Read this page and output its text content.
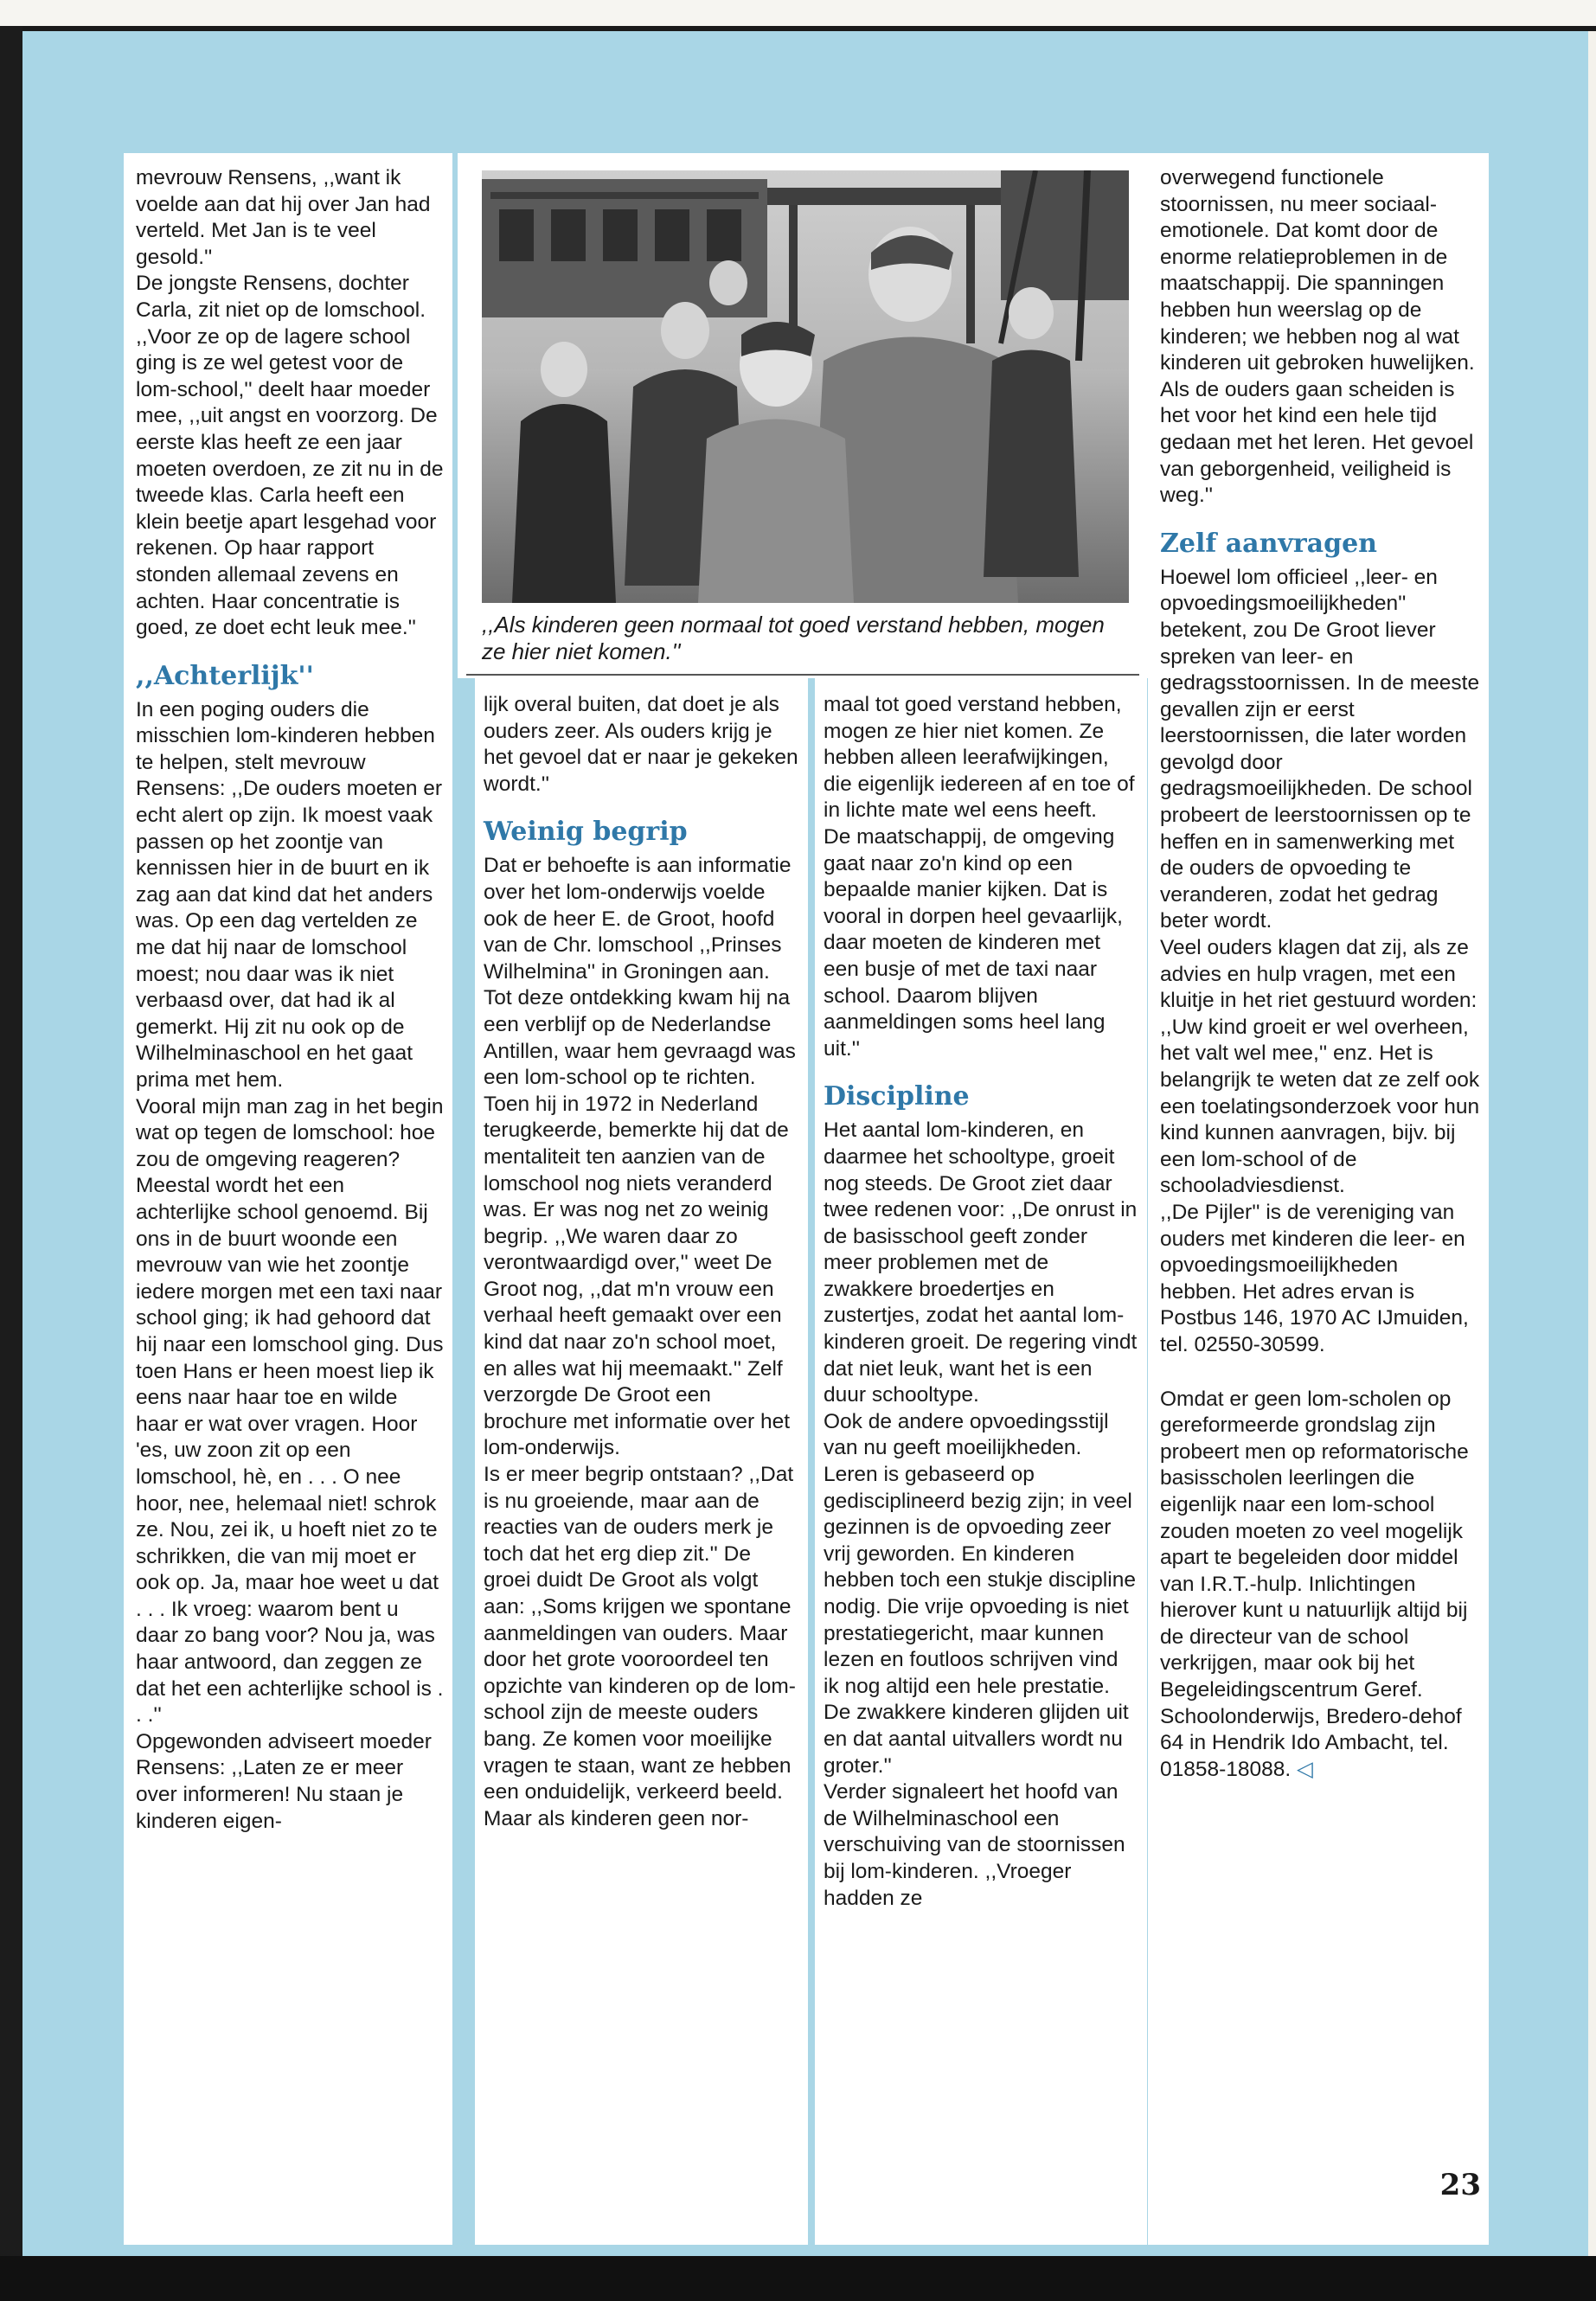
mevrouw Rensens, ,,want ik voelde aan dat hij over Jan had verteld. Met Jan is te veel gesold.''

De jongste Rensens, dochter Carla, zit niet op de lomschool. ,,Voor ze op de lagere school ging is ze wel getest voor de lom-school,'' deelt haar moeder mee, ,,uit angst en voorzorg. De eerste klas heeft ze een jaar moeten overdoen, ze zit nu in de tweede klas. Carla heeft een klein beetje apart lesgehad voor rekenen. Op haar rapport stonden allemaal zevens en achten. Haar concentratie is goed, ze doet echt leuk mee.''

,,Achterlijk''

In een poging ouders die misschien lom-kinderen hebben te helpen, stelt mevrouw Rensens: ,,De ouders moeten er echt alert op zijn. Ik moest vaak passen op het zoontje van kennissen hier in de buurt en ik zag aan dat kind dat het anders was. Op een dag vertelden ze me dat hij naar de lomschool moest; nou daar was ik niet verbaasd over, dat had ik al gemerkt. Hij zit nu ook op de Wilhelminaschool en het gaat prima met hem.

Vooral mijn man zag in het begin wat op tegen de lomschool: hoe zou de omgeving reageren? Meestal wordt het een achterlijke school genoemd. Bij ons in de buurt woonde een mevrouw van wie het zoontje iedere morgen met een taxi naar school ging; ik had gehoord dat hij naar een lomschool ging. Dus toen Hans er heen moest liep ik eens naar haar toe en wilde haar er wat over vragen. Hoor 'es, uw zoon zit op een lomschool, hè, en . . . O nee hoor, nee, helemaal niet! schrok ze. Nou, zei ik, u hoeft niet zo te schrikken, die van mij moet er ook op. Ja, maar hoe weet u dat . . . Ik vroeg: waarom bent u daar zo bang voor? Nou ja, was haar antwoord, dan zeggen ze dat het een achterlijke school is . . .''

Opgewonden adviseert moeder Rensens: ,,Laten ze er meer over informeren! Nu staan je kinderen eigen-

,,Als kinderen geen normaal tot goed verstand hebben, mogen ze hier niet komen.''

lijk overal buiten, dat doet je als ouders zeer. Als ouders krijg je het gevoel dat er naar je gekeken wordt.''

Weinig begrip

Dat er behoefte is aan informatie over het lom-onderwijs voelde ook de heer E. de Groot, hoofd van de Chr. lomschool ,,Prinses Wilhelmina'' in Groningen aan. Tot deze ontdekking kwam hij na een verblijf op de Nederlandse Antillen, waar hem gevraagd was een lom-school op te richten. Toen hij in 1972 in Nederland terugkeerde, bemerkte hij dat de mentaliteit ten aanzien van de lomschool nog niets veranderd was. Er was nog net zo weinig begrip. ,,We waren daar zo verontwaardigd over,'' weet De Groot nog, ,,dat m'n vrouw een verhaal heeft gemaakt over een kind dat naar zo'n school moet, en alles wat hij meemaakt.'' Zelf verzorgde De Groot een brochure met informatie over het lom-onderwijs.

Is er meer begrip ontstaan? ,,Dat is nu groeiende, maar aan de reacties van de ouders merk je toch dat het erg diep zit.'' De groei duidt De Groot als volgt aan: ,,Soms krijgen we spontane aanmeldingen van ouders. Maar door het grote vooroordeel ten opzichte van kinderen op de lom-school zijn de meeste ouders bang. Ze komen voor moeilijke vragen te staan, want ze hebben een onduidelijk, verkeerd beeld.

Maar als kinderen geen nor-

maal tot goed verstand hebben, mogen ze hier niet komen. Ze hebben alleen leerafwijkingen, die eigenlijk iedereen af en toe of in lichte mate wel eens heeft.

De maatschappij, de omgeving gaat naar zo'n kind op een bepaalde manier kijken. Dat is vooral in dorpen heel gevaarlijk, daar moeten de kinderen met een busje of met de taxi naar school. Daarom blijven aanmeldingen soms heel lang uit.''

Discipline

Het aantal lom-kinderen, en daarmee het schooltype, groeit nog steeds. De Groot ziet daar twee redenen voor: ,,De onrust in de basisschool geeft zonder meer problemen met de zwakkere broedertjes en zustertjes, zodat het aantal lom-kinderen groeit. De regering vindt dat niet leuk, want het is een duur schooltype.

Ook de andere opvoedingsstijl van nu geeft moeilijkheden. Leren is gebaseerd op gedisciplineerd bezig zijn; in veel gezinnen is de opvoeding zeer vrij geworden. En kinderen hebben toch een stukje discipline nodig. Die vrije opvoeding is niet prestatiegericht, maar kunnen lezen en foutloos schrijven vind ik nog altijd een hele prestatie. De zwakkere kinderen glijden uit en dat aantal uitvallers wordt nu groter.''

Verder signaleert het hoofd van de Wilhelminaschool een verschuiving van de stoornissen bij lom-kinderen. ,,Vroeger hadden ze

overwegend functionele stoornissen, nu meer sociaal-emotionele. Dat komt door de enorme relatieproblemen in de maatschappij. Die spanningen hebben hun weerslag op de kinderen; we hebben nog al wat kinderen uit gebroken huwelijken. Als de ouders gaan scheiden is het voor het kind een hele tijd gedaan met het leren. Het gevoel van geborgenheid, veiligheid is weg.''

Zelf aanvragen

Hoewel lom officieel ,,leer- en opvoedingsmoeilijkheden'' betekent, zou De Groot liever spreken van leer- en gedragsstoornissen. In de meeste gevallen zijn er eerst leerstoornissen, die later worden gevolgd door gedragsmoeilijkheden. De school probeert de leerstoornissen op te heffen en in samenwerking met de ouders de opvoeding te veranderen, zodat het gedrag beter wordt.

Veel ouders klagen dat zij, als ze advies en hulp vragen, met een kluitje in het riet gestuurd worden: ,,Uw kind groeit er wel overheen, het valt wel mee,'' enz. Het is belangrijk te weten dat ze zelf ook een toelatingsonderzoek voor hun kind kunnen aanvragen, bijv. bij een lom-school of de schooladviesdienst.

,,De Pijler'' is de vereniging van ouders met kinderen die leer- en opvoedingsmoeilijkheden hebben. Het adres ervan is Postbus 146, 1970 AC IJmuiden, tel. 02550-30599.

Omdat er geen lom-scholen op gereformeerde grondslag zijn probeert men op reformatorische basisscholen leerlingen die eigenlijk naar een lom-school zouden moeten zo veel mogelijk apart te begeleiden door middel van I.R.T.-hulp. Inlichtingen hierover kunt u natuurlijk altijd bij de directeur van de school verkrijgen, maar ook bij het Begeleidingscentrum Geref. Schoolonderwijs, Bredero-dehof 64 in Hendrik Ido Ambacht, tel. 01858-18088. ◁

23
